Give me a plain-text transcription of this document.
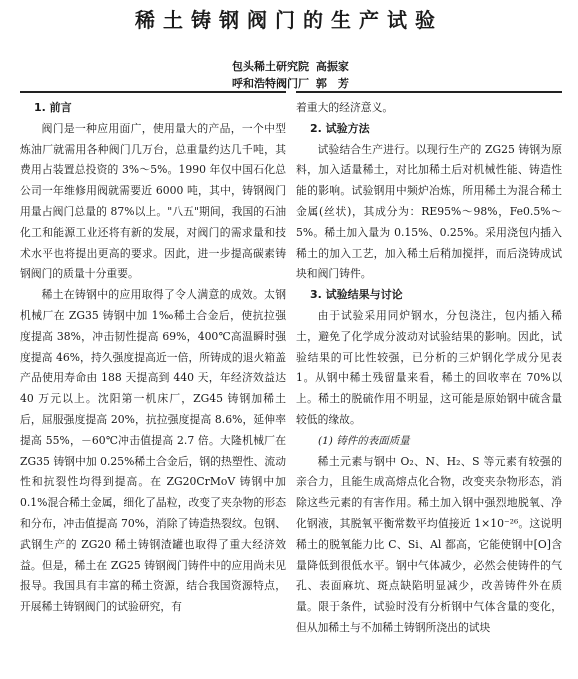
稀土铸钢阀门的生产试验
包头稀土研究院 高振家
呼和浩特阀门厂 郭　芳
1. 前言

阀门是一种应用面广，使用量大的产品，一个中型炼油厂就需用各种阀门几万台，总重量约达几千吨，其费用占装置总投资的 3%～5%。1990 年仅中国石化总公司一年维修用阀就需要近 6000 吨，其中，铸钢阀门用量占阀门总量的 87%以上。"八五"期间，我国的石油化工和能源工业还将有新的发展，对阀门的需求量和技术水平也将提出更高的要求。因此，进一步提高碳素铸钢阀门的质量十分重要。

稀土在铸钢中的应用取得了令人满意的成效。太钢机械厂在 ZG35 铸钢中加 1‰稀土合金后，使抗拉强度提高 38%，冲击韧性提高 69%，400℃高温瞬时强度提高 46%，持久强度提高近一倍，所铸成的退火箱盖产品使用寿命由 188 天提高到 440 天，年经济效益达 40 万元以上。沈阳第一机床厂，ZG45 铸钢加稀土后，屈服强度提高 20%，抗拉强度提高 8.6%，延伸率提高 55%，－60℃冲击值提高 2.7 倍。大隆机械厂在 ZG35 铸钢中加 0.25%稀土合金后，钢的热塑性、流动性和抗裂性均得到提高。在 ZG20CrMoV 铸钢中加 0.1%混合稀土金属，细化了晶粒，改变了夹杂物的形态和分布，冲击值提高 70%，消除了铸造热裂纹。包钢、武钢生产的 ZG20 稀土铸钢渣罐也取得了重大经济效益。但是，稀土在 ZG25 铸钢阀门铸件中的应用尚未见报导。我国具有丰富的稀土资源，结合我国资源特点，开展稀土铸钢阀门的试验研究，有

着重大的经济意义。

2. 试验方法

试验结合生产进行。以现行生产的 ZG25 铸钢为原料，加入适量稀土，对比加稀土后对机械性能、铸造性能的影响。试验钢用中频炉冶炼，所用稀土为混合稀土金属(丝状)，其成分为：RE95%～98%，Fe0.5%～5%。稀土加入量为 0.15%、0.25%。采用浇包内插入稀土的加入工艺，加入稀土后稍加搅拌，而后浇铸成试块和阀门铸件。

3. 试验结果与讨论

由于试验采用同炉钢水，分包浇注，包内插入稀土，避免了化学成分波动对试验结果的影响。因此，试验结果的可比性较强，已分析的三炉钢化学成分见表 1。从钢中稀土残留量来看，稀土的回收率在 70%以上。稀土的脱硫作用不明显，这可能是原始钢中硫含量较低的缘故。

(1) 铸件的表面质量

稀土元素与钢中 O₂、N、H₂、S 等元素有较强的亲合力，且能生成高熔点化合物，改变夹杂物形态，消除这些元素的有害作用。稀土加入钢中强烈地脱氧、净化钢液，其脱氧平衡常数平均值接近 1×10⁻²⁶。这说明稀土的脱氧能力比 C、Si、Al 都高，它能使钢中[O]含量降低到很低水平。钢中气体减少，必然会使铸件的气孔、表面麻坑、斑点缺陷明显减少，改善铸件外在质量。限于条件，试验时没有分析钢中气体含量的变化，但从加稀土与不加稀土铸钢所浇出的试块
